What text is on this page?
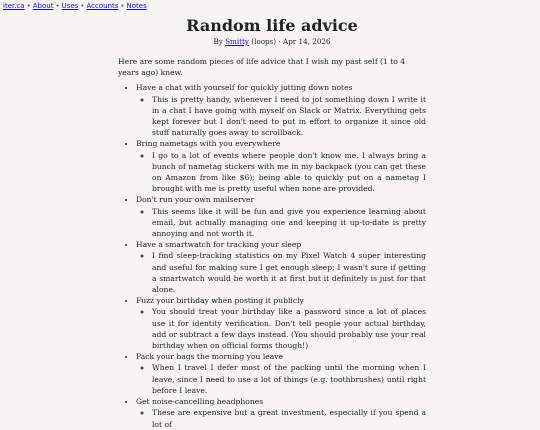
iter.ca • About • Uses • Accounts • Notes
Random life advice
By Smitty (loops) · Apr 14, 2026

Here are some random pieces of life advice that I wish my past self (1 to 4 years ago) knew.

• Have a chat with yourself for quickly jotting down notes
◦ This is pretty handy, whenever I need to jot something down I write it in a chat I have going with myself on Slack or Matrix. Everything gets kept forever but I don't need to put in effort to organize it since old stuff naturally goes away to scrollback.
• Bring nametags with you everywhere
◦ I go to a lot of events where people don't know me. I always bring a bunch of nametag stickers with me in my backpack (you can get these on Amazon from like $6); being able to quickly put on a nametag I brought with me is pretty useful when none are provided.
• Don't run your own mailserver
◦ This seems like it will be fun and give you experience learning about email, but actually managing one and keeping it up-to-date is pretty annoying and not worth it.
• Have a smartwatch for tracking your sleep
◦ I find sleep-tracking statistics on my Pixel Watch 4 super interesting and useful for making sure I get enough sleep; I wasn't sure if getting a smartwatch would be worth it at first but it definitely is just for that alone.
• Fuzz your birthday when posting it publicly
◦ You should treat your birthday like a password since a lot of places use it for identity verification. Don't tell people your actual birthday, add or subtract a few days instead. (You should probably use your real birthday when on official forms though!)
• Pack your bags the morning you leave
◦ When I travel I defer most of the packing until the morning when I leave, since I need to use a lot of things (e.g. toothbrushes) until right before I leave.
• Get noise-cancelling headphones
◦ These are expensive but a great investment, especially if you spend a lot of
